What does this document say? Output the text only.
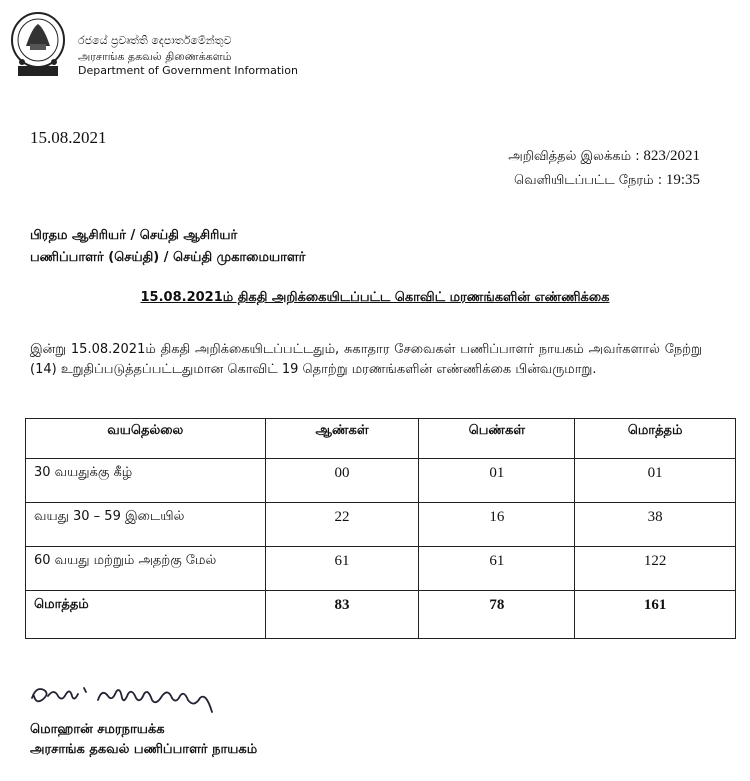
රජයේ ප්‍රවෘත්ති දෙපාර්තමේන්තුව
அரசாங்க தகவல் திணைக்களம்
Department of Government Information
15.08.2021
அறிவித்தல் இலக்கம் : 823/2021
வெளியிடப்பட்ட நேரம் : 19:35
பிரதம ஆசிரியர் / செய்தி ஆசிரியர்
பணிப்பாளர் (செய்தி) / செய்தி முகாமையாளர்
15.08.2021ம் திகதி அறிக்கையிடப்பட்ட கொவிட் மரணங்களின் எண்ணிக்கை
இன்று 15.08.2021ம் திகதி அறிக்கையிடப்பட்டதும், சுகாதார சேவைகள் பணிப்பாளர் நாயகம் அவர்களால் நேற்று (14) உறுதிப்படுத்தப்பட்டதுமான கொவிட் 19 தொற்று மரணங்களின் எண்ணிக்கை பின்வருமாறு.
வயதெல்லை	ஆண்கள்	பெண்கள்	மொத்தம்
30 வயதுக்கு கீழ்	00	01	01
வயது 30 – 59 இடையில்	22	16	38
60 வயது மற்றும் அதற்கு மேல்	61	61	122
மொத்தம்	83	78	161
மொஹான் சமரநாயக்க
அரசாங்க தகவல் பணிப்பாளர் நாயகம்
